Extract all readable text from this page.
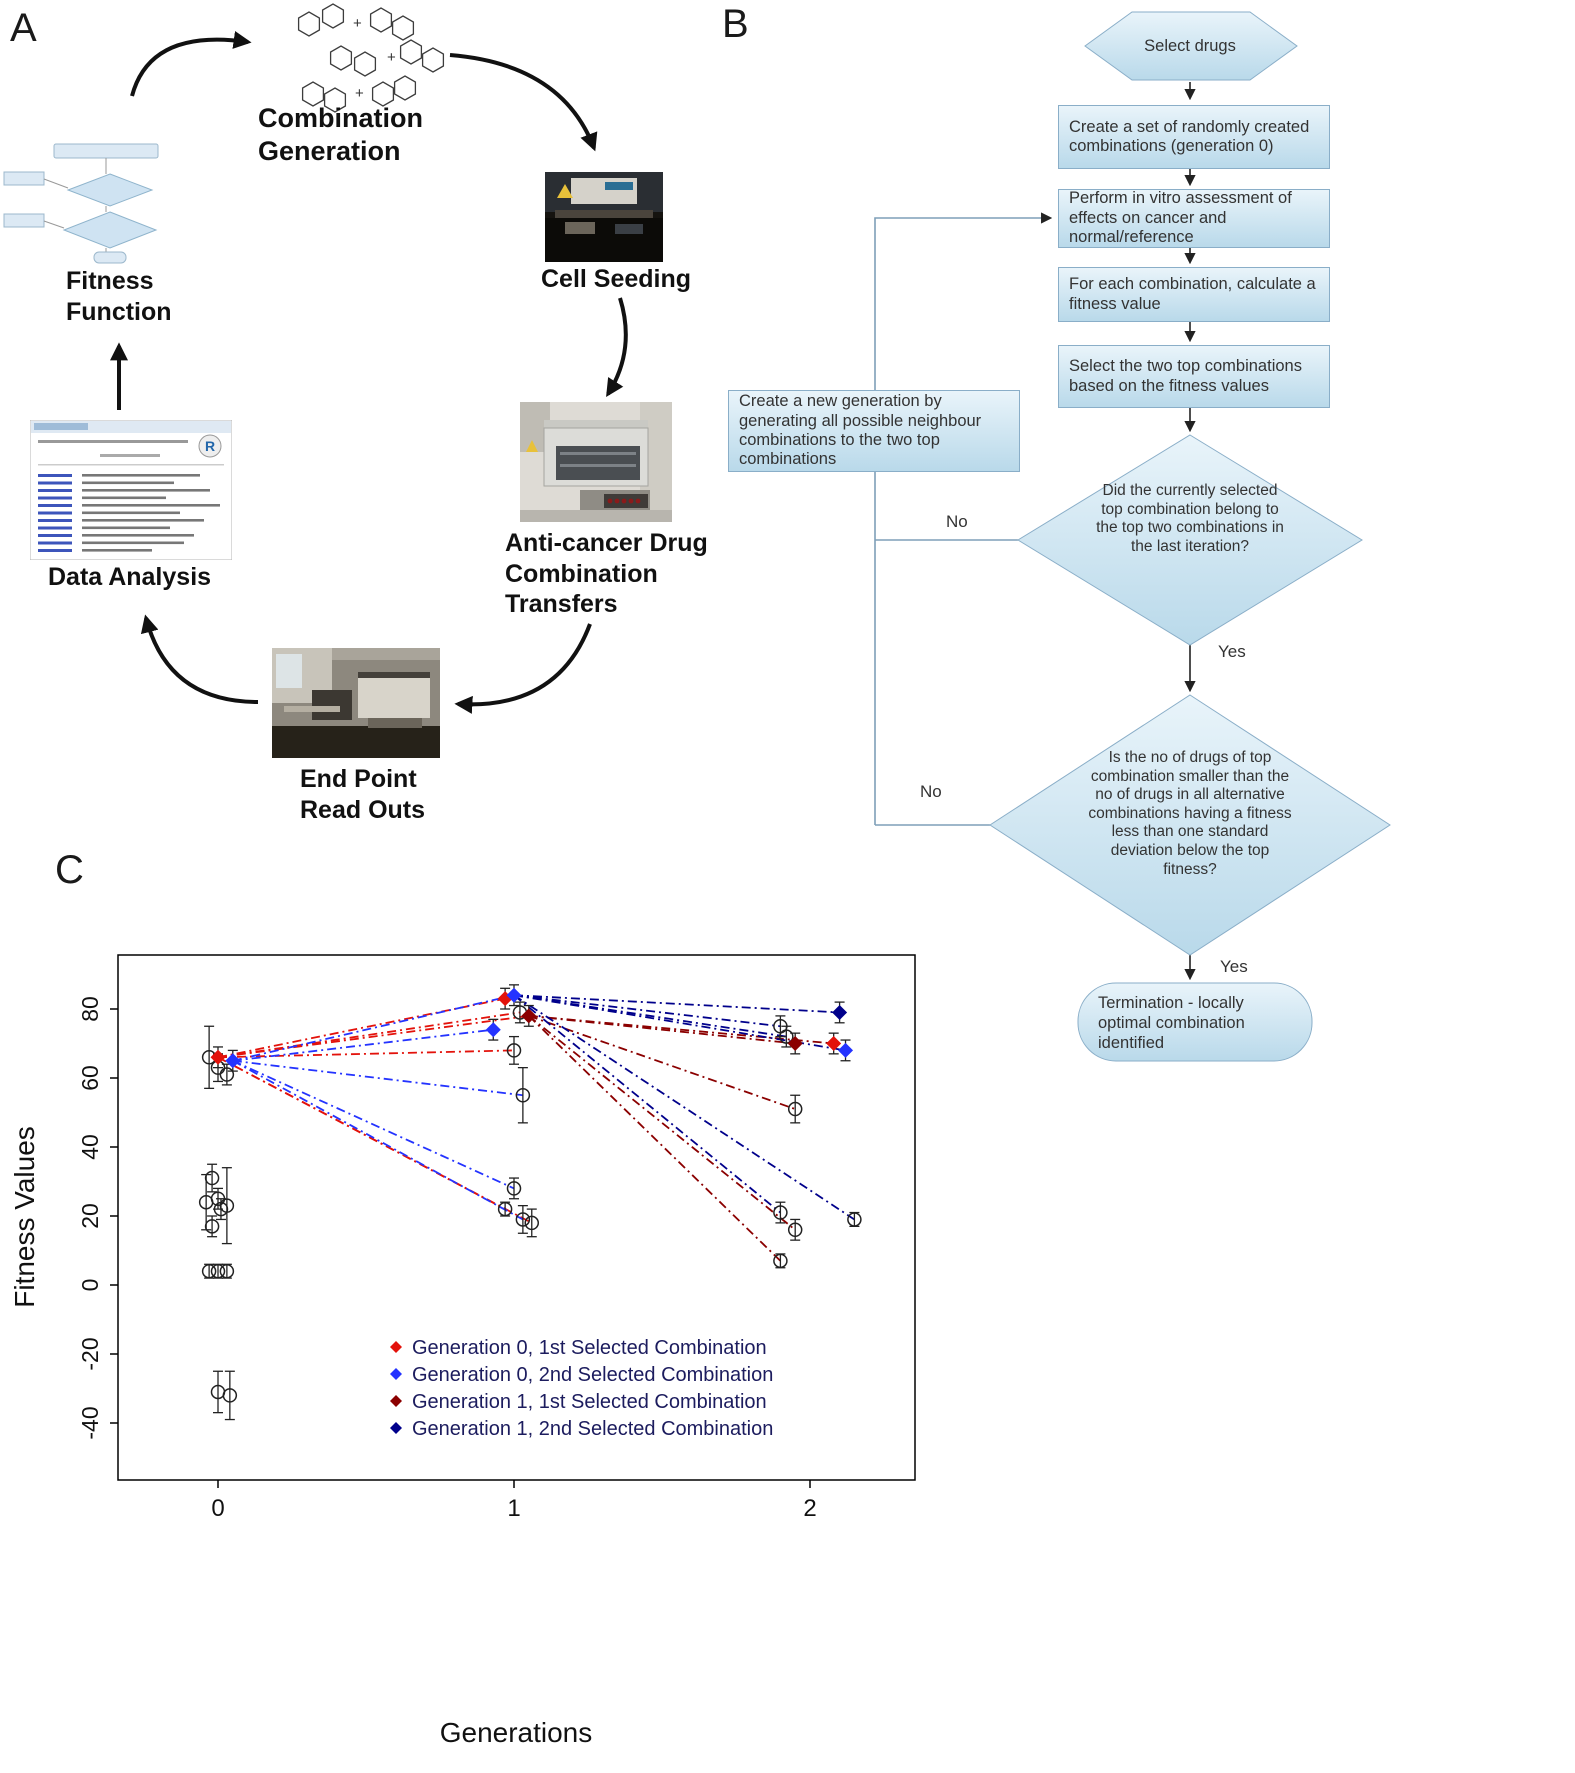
A	+
+
+
Combination Generation
Cell Seeding
Anti-cancer Drug Combination Transfers
End Point Read Outs
R
Data Analysis
Fitness Function
B
Create a set of randomly created combinations (generation 0)
Perform in vitro assessment of effects on cancer and normal/reference
For each combination, calculate a fitness value
Select the two top combinations based on the fitness values
Create a new generation by generating all possible neighbour combinations to the two top combinations
Select drugs
Did the currently selected top combination belong to the top two combinations in the last iteration?
Is the no of drugs of top combination smaller than the no of drugs in all alternative combinations having a fitness less than one standard deviation below the top fitness?
Termination - locally optimal combination identified
Yes
Yes
No
No
C
-40
-20
0
20
40
60
80
0	1	2
Fitness Values
Generations
Generation 0, 1st Selected Combination
Generation 0, 2nd Selected Combination
Generation 1, 1st Selected Combination
Generation 1, 2nd Selected Combination
